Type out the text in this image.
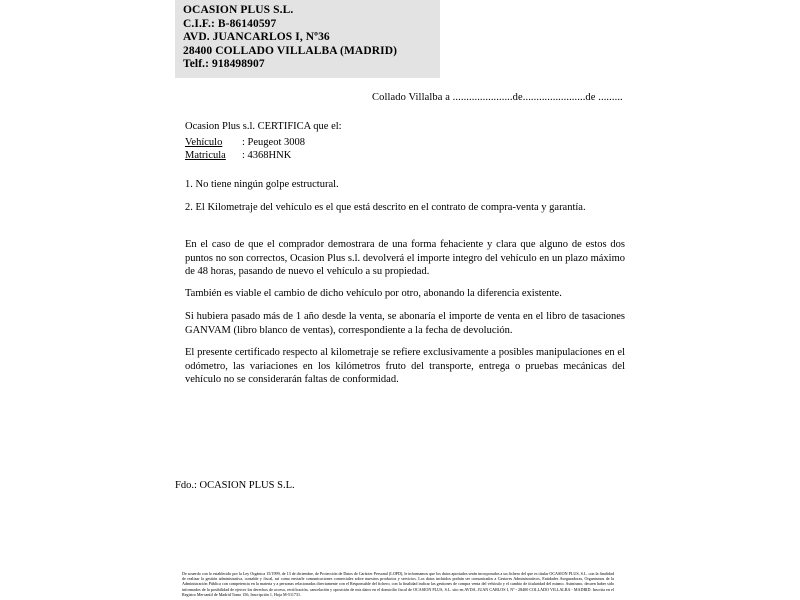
OCASION PLUS S.L.
C.I.F.: B-86140597
AVD. JUANCARLOS I, Nº36
28400 COLLADO VILLALBA (MADRID)
Telf.: 918498907
Collado Villalba a ......................de.......................de .........
Ocasion Plus s.l. CERTIFICA que el:
Vehículo : Peugeot 3008
Matricula : 4368HNK
1. No tiene ningún golpe estructural.
2. El Kilometraje del vehículo es el que está descrito en el contrato de compra-venta y garantía.
En el caso de que el comprador demostrara de una forma fehaciente y clara que alguno de estos dos puntos no son correctos, Ocasion Plus s.l. devolverá el importe integro del vehículo en un plazo máximo de 48 horas, pasando de nuevo el vehículo a su propiedad.
También es viable el cambio de dicho vehículo por otro, abonando la diferencia existente.
Si hubiera pasado más de 1 año desde la venta, se abonaría el importe de venta en el libro de tasaciones GANVAM (libro blanco de ventas), correspondiente a la fecha de devolución.
El presente certificado respecto al kilometraje se refiere exclusivamente a posibles manipulaciones en el odómetro, las variaciones en los kilómetros fruto del transporte, entrega o pruebas mecánicas del vehículo no se considerarán faltas de conformidad.
Fdo.: OCASION PLUS S.L.
De acuerdo con lo establecido por la Ley Orgánica 15/1999, de 13 de diciembre, de Protección de Datos de Carácter Personal (LOPD), le informamos que los datos aportados serán incorporados a un fichero del que es titular OCASION PLUS, S.L. con la finalidad de realizar la gestión administrativa, contable y fiscal, así como enviarle comunicaciones comerciales sobre nuestros productos y servicios. Los datos incluidos podrán ser comunicados a Gestores Administrativos, Entidades Aseguradoras, Organismos de la Administración Pública con competencia en la materia y a personas relacionadas directamente con el Responsable del fichero, con la finalidad indicar las gestiones de compra venta del vehículo y el cambio de titularidad del mismo. Asimismo, decaen haber sido informados de la posibilidad de ejercer los derechos de acceso, rectificación, cancelación y oposición de mis datos en el domicilio fiscal de OCASION PLUS, S.L. sito en AVDA. JUAN CARLOS I, Nº - 28400 COLLADO VILLALBA - MADRID. Inscrita en el Registro Mercantil de Madrid Tomo 156, Inscripción 1, Hoja M-511731.
